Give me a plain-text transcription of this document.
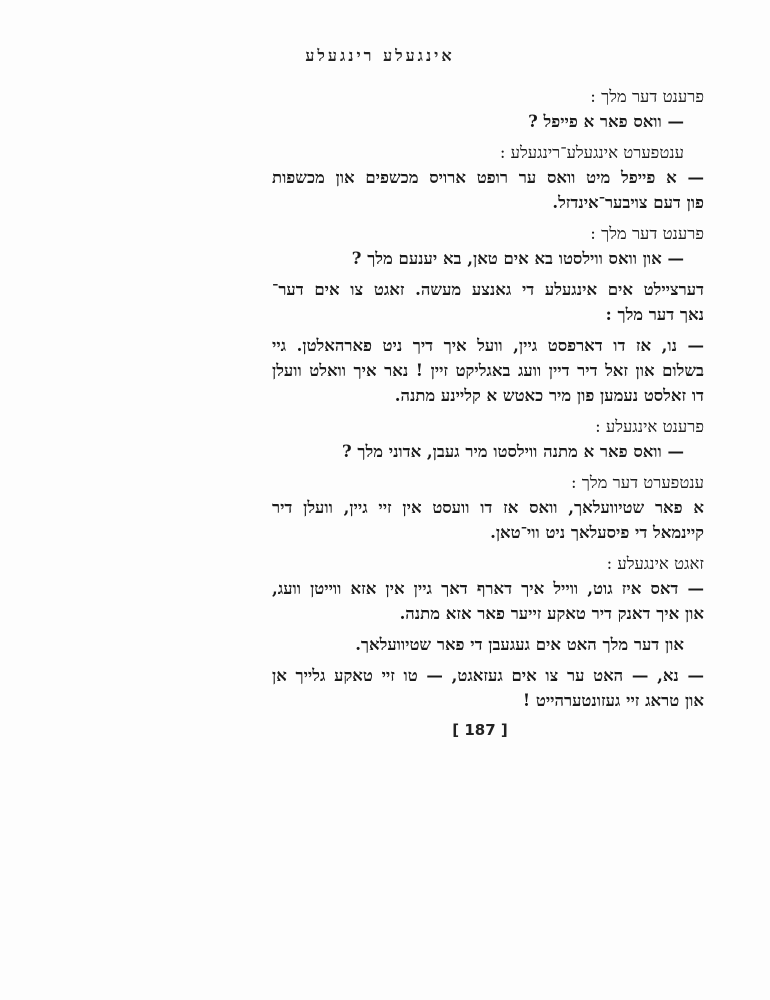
אינגעלע רינגעלע
פרענט דער מלך :
— וואס פאר א פייפל ?
ענטפערט אינגעלע־רינגעלע :
— א פייפל מיט וואס ער רופט ארויס מכשפים און מכשפות
פון דעם צויבער־אינדזל.
פרענט דער מלך :
— און וואס ווילסטו בא אים טאן, בא יענעם מלך ?
דערציילט אים אינגעלע די גאנצע מעשה. זאגט צו אים דער־
נאך דער מלך :
— נו, אז דו דארפסט גיין, וועל איך דיך ניט פארהאלטן. גיי
בשלום און זאל דיר דיין וועג באגליקט זיין ! נאר איך וואלט וועלן
דו זאלסט נעמען פון מיר כאטש א קליינע מתנה.
פרענט אינגעלע :
— וואס פאר א מתנה ווילסטו מיר געבן, אדוני מלך ?
ענטפערט דער מלך :
א פאר שטיוועלאך, וואס אז דו וועסט אין זיי גיין, וועלן דיר
קיינמאל די פיסעלאך ניט ווי־טאן.
זאגט אינגעלע :
— דאס איז גוט, ווייל איך דארף דאך גיין אין אזא ווייטן וועג,
און איך דאנק דיר טאקע זייער פאר אזא מתנה.
און דער מלך האט אים געגעבן די פאר שטיוועלאך.
— נא, — האט ער צו אים געזאגט, — טו זיי טאקע גלייך אן
און טראג זיי געזונטערהייט !
[ 187 ]
